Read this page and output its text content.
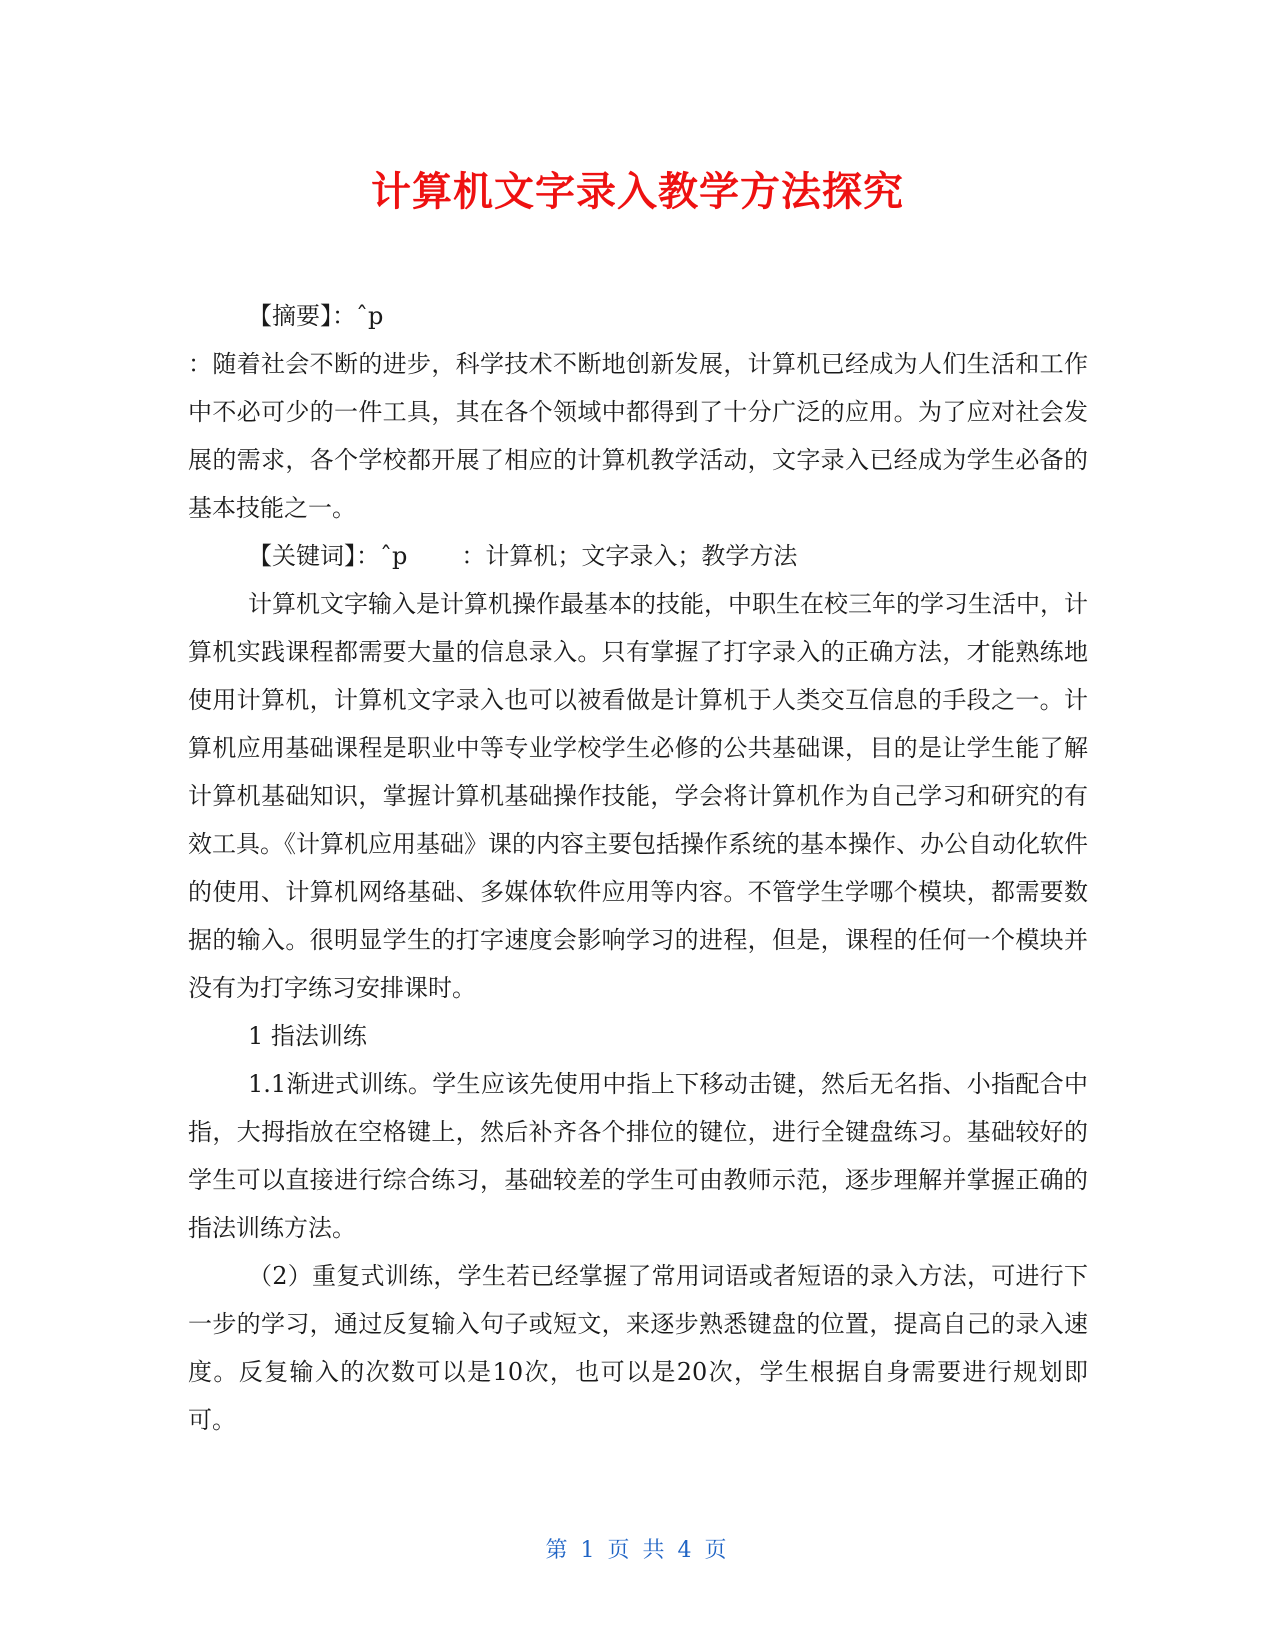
计算机文字录入教学方法探究

【摘要】：ˆp

：随着社会不断的进步，科学技术不断地创新发展，计算机已经成为人们生活和工作中不必可少的一件工具，其在各个领域中都得到了十分广泛的应用。为了应对社会发展的需求，各个学校都开展了相应的计算机教学活动，文字录入已经成为学生必备的基本技能之一。

【关键词】：ˆp ：计算机；文字录入；教学方法

计算机文字输入是计算机操作最基本的技能，中职生在校三年的学习生活中，计算机实践课程都需要大量的信息录入。只有掌握了打字录入的正确方法，才能熟练地使用计算机，计算机文字录入也可以被看做是计算机于人类交互信息的手段之一。计算机应用基础课程是职业中等专业学校学生必修的公共基础课，目的是让学生能了解计算机基础知识，掌握计算机基础操作技能，学会将计算机作为自己学习和研究的有效工具。《计算机应用基础》课的内容主要包括操作系统的基本操作、办公自动化软件的使用、计算机网络基础、多媒体软件应用等内容。不管学生学哪个模块，都需要数据的输入。很明显学生的打字速度会影响学习的进程，但是，课程的任何一个模块并没有为打字练习安排课时。

1 指法训练

1.1渐进式训练。学生应该先使用中指上下移动击键，然后无名指、小指配合中指，大拇指放在空格键上，然后补齐各个排位的键位，进行全键盘练习。基础较好的学生可以直接进行综合练习，基础较差的学生可由教师示范，逐步理解并掌握正确的指法训练方法。

（2）重复式训练，学生若已经掌握了常用词语或者短语的录入方法，可进行下一步的学习，通过反复输入句子或短文，来逐步熟悉键盘的位置，提高自己的录入速度。反复输入的次数可以是10次，也可以是20次，学生根据自身需要进行规划即可。

第 1 页 共 4 页
